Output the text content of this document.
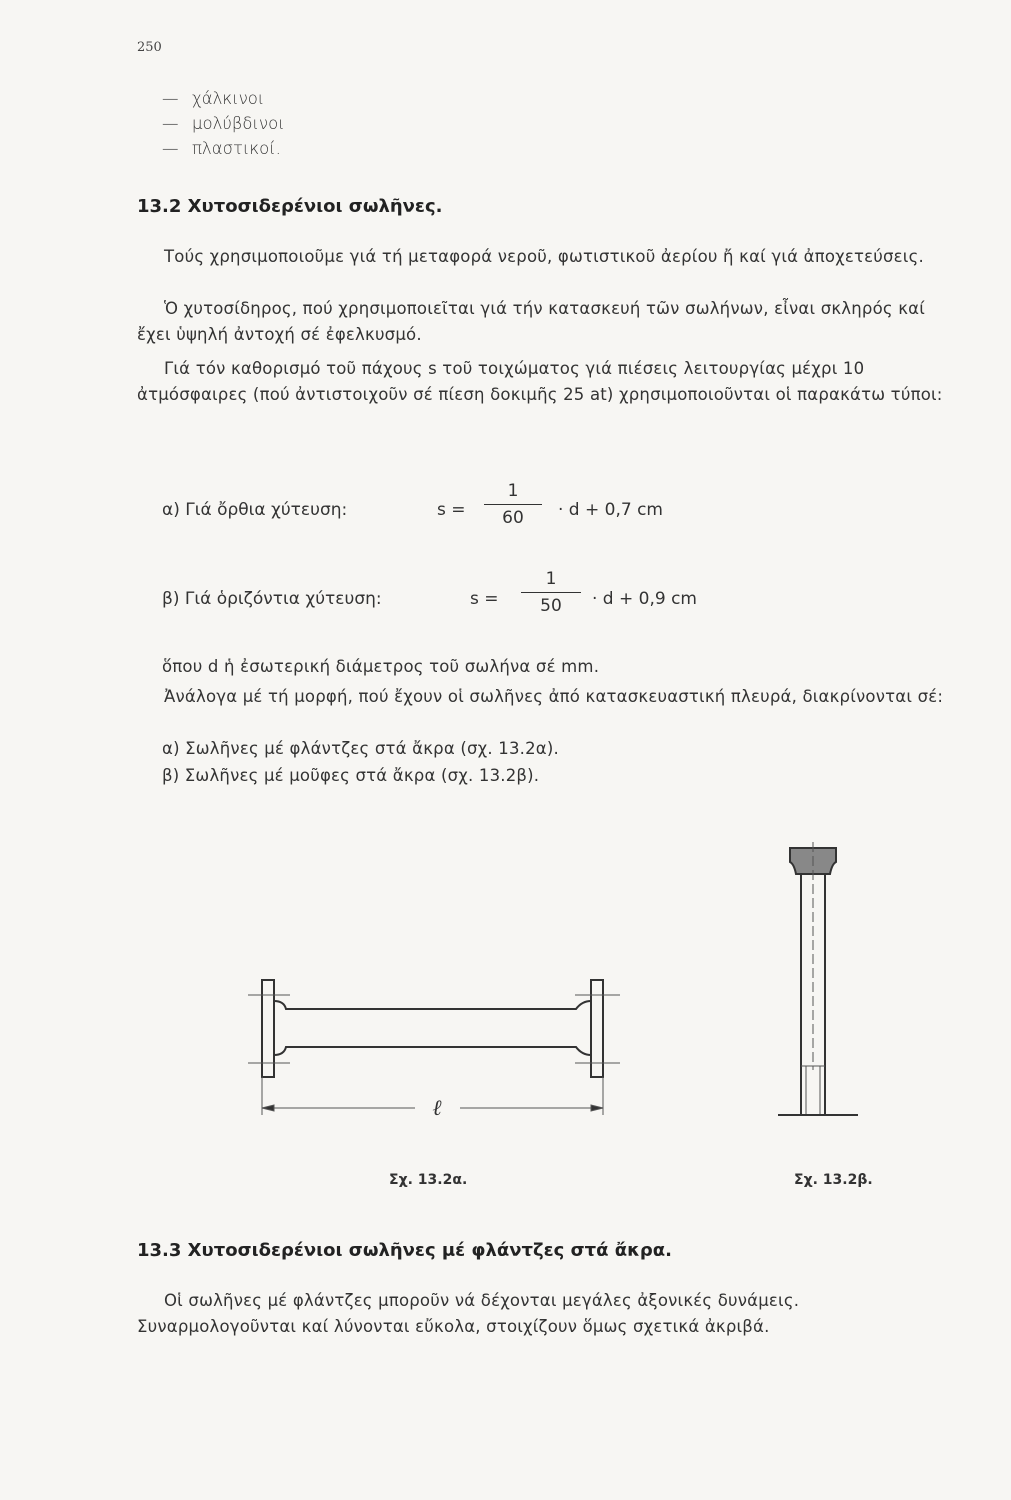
250
— χάλκινοι
— μολύβδινοι
— πλαστικοί.
13.2 Χυτοσιδερένιοι σωλῆνες.
Τούς χρησιμοποιοῦμε γιά τή μεταφορά νεροῦ, φωτιστικοῦ ἀερίου ἤ καί γιά ἀποχετεύσεις.
Ὁ χυτοσίδηρος, πού χρησιμοποιεῖται γιά τήν κατασκευή τῶν σωλήνων, εἶναι σκληρός καί ἔχει ὑψηλή ἀντοχή σέ ἐφελκυσμό.
Γιά τόν καθορισμό τοῦ πάχους s τοῦ τοιχώματος γιά πιέσεις λειτουργίας μέχρι 10 ἀτμόσφαιρες (πού ἀντιστοιχοῦν σέ πίεση δοκιμῆς 25 at) χρησιμοποιοῦνται οἱ παρακάτω τύποι:
α) Γιά ὄρθια χύτευση:	s =
1
60	· d + 0,7 cm
β) Γιά ὁριζόντια χύτευση:	s =
1
50	· d + 0,9 cm
ὅπου d ἡ ἐσωτερική διάμετρος τοῦ σωλήνα σέ mm.
Ἀνάλογα μέ τή μορφή, πού ἔχουν οἱ σωλῆνες ἀπό κατασκευαστική πλευρά, διακρίνονται σέ:
α) Σωλῆνες μέ φλάντζες στά ἄκρα (σχ. 13.2α).
β) Σωλῆνες μέ μοῦφες στά ἄκρα (σχ. 13.2β).
ℓ
Σχ. 13.2α.	Σχ. 13.2β.
13.3 Χυτοσιδερένιοι σωλῆνες μέ φλάντζες στά ἄκρα.
Οἱ σωλῆνες μέ φλάντζες μποροῦν νά δέχονται μεγάλες ἀξονικές δυνάμεις. Συναρμολογοῦνται καί λύνονται εὔκολα, στοιχίζουν ὅμως σχετικά ἀκριβά.
